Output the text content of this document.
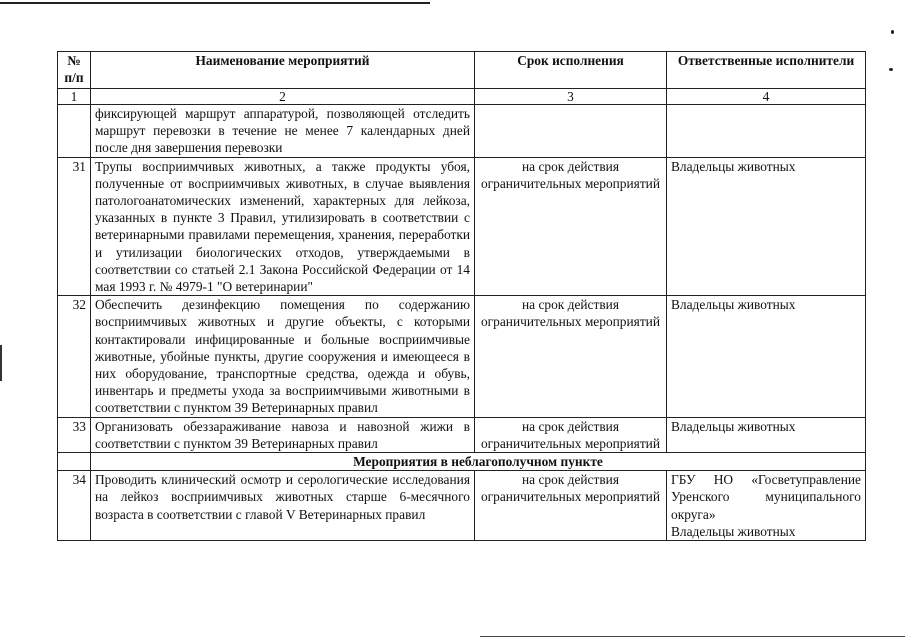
№ п/п	Наименование мероприятий	Срок исполнения	Ответственные исполнители
1	2	3	4
	фиксирующей маршрут аппаратурой, позволяющей отследить маршрут перевозки в течение не менее 7 календарных дней после дня завершения перевозки		
31	Трупы восприимчивых животных, а также продукты убоя, полученные от восприимчивых животных, в случае выявления патологоанатомических изменений, характерных для лейкоза, указанных в пункте 3 Правил, утилизировать в соответствии с ветеринарными правилами перемещения, хранения, переработки и утилизации биологических отходов, утверждаемыми в соответствии со статьей 2.1 Закона Российской Федерации от 14 мая 1993 г. № 4979-1 "О ветеринарии"	на срок действия ограничительных мероприятий	Владельцы животных
32	Обеспечить дезинфекцию помещения по содержанию восприимчивых животных и другие объекты, с которыми контактировали инфицированные и больные восприимчивые животные, убойные пункты, другие сооружения и имеющееся в них оборудование, транспортные средства, одежда и обувь, инвентарь и предметы ухода за восприимчивыми животными в соответствии с пунктом 39 Ветеринарных правил	на срок действия ограничительных мероприятий	Владельцы животных
33	Организовать обеззараживание навоза и навозной жижи в соответствии с пунктом 39 Ветеринарных правил	на срок действия ограничительных мероприятий	Владельцы животных
	Мероприятия в неблагополучном пункте		
34	Проводить клинический осмотр и серологические исследования на лейкоз восприимчивых животных старше 6-месячного возраста в соответствии с главой V Ветеринарных правил	на срок действия ограничительных мероприятий	ГБУ НО «Госветуправление Уренского муниципального округа»
Владельцы животных
